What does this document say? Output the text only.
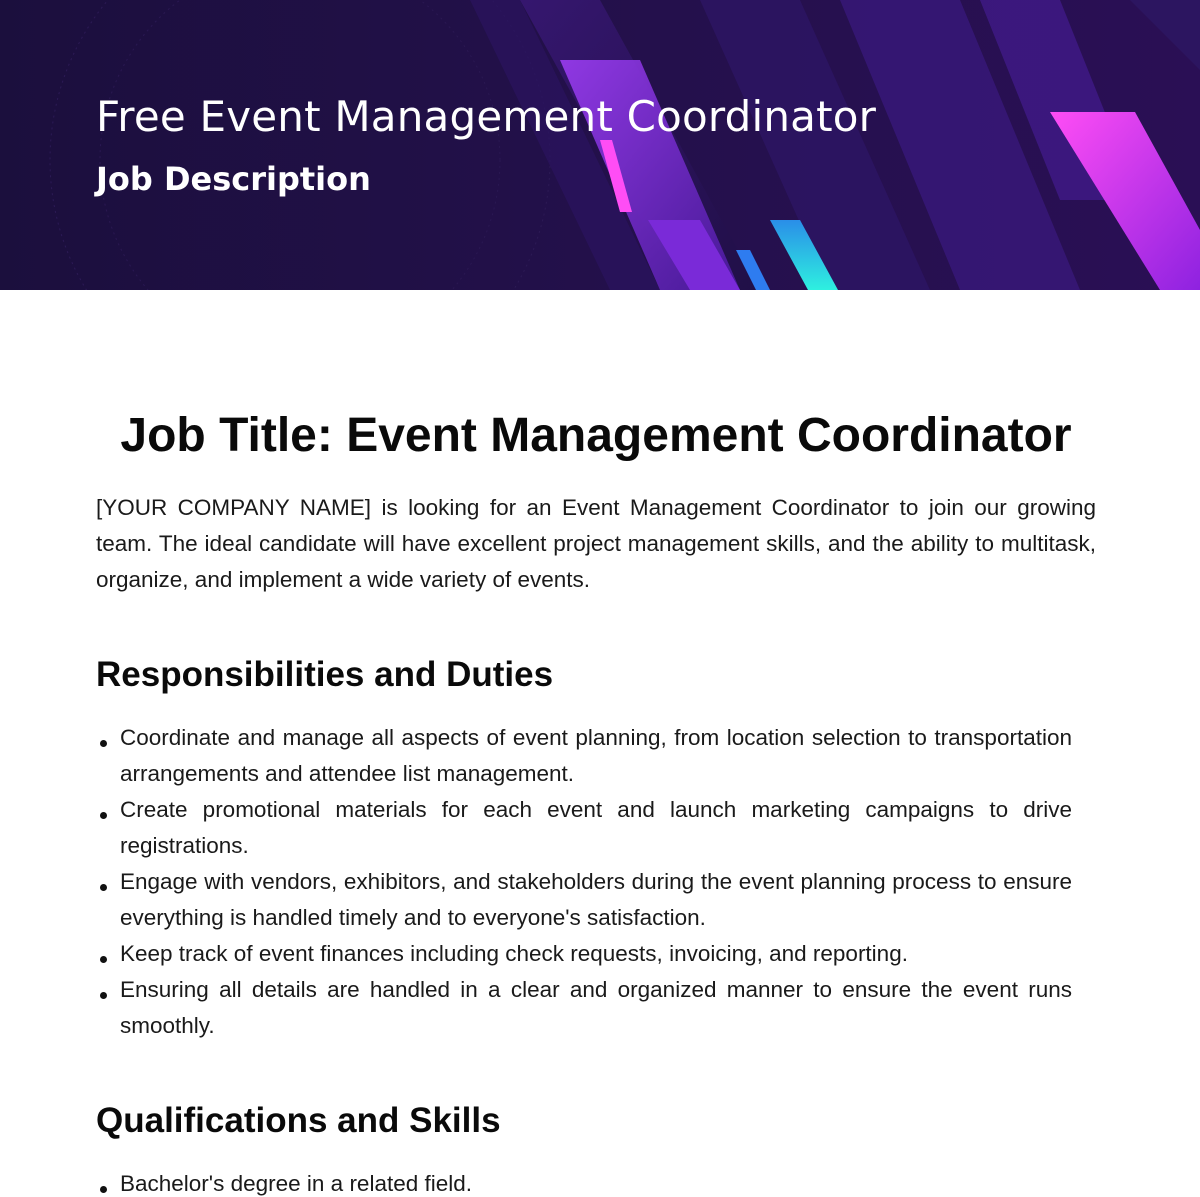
Free Event Management Coordinator
Job Description
Job Title: Event Management Coordinator

[YOUR COMPANY NAME] is looking for an Event Management Coordinator to join our growing team. The ideal candidate will have excellent project management skills, and the ability to multitask, organize, and implement a wide variety of events.

Responsibilities and Duties
Coordinate and manage all aspects of event planning, from location selection to transportation arrangements and attendee list management.
Create promotional materials for each event and launch marketing campaigns to drive registrations.
Engage with vendors, exhibitors, and stakeholders during the event planning process to ensure everything is handled timely and to everyone's satisfaction.
Keep track of event finances including check requests, invoicing, and reporting.
Ensuring all details are handled in a clear and organized manner to ensure the event runs smoothly.
Qualifications and Skills
Bachelor's degree in a related field.
